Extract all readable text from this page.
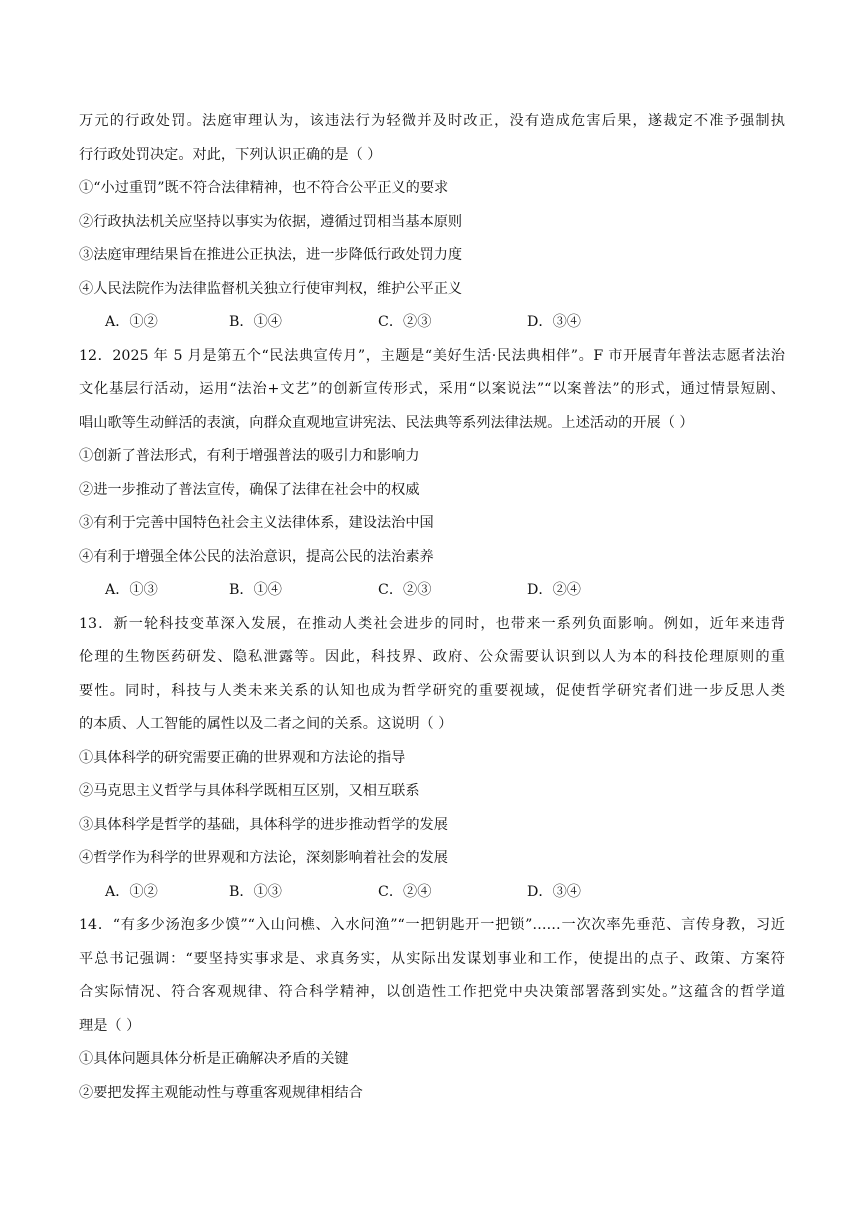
万元的行政处罚。法庭审理认为，该违法行为轻微并及时改正，没有造成危害后果，遂裁定不准予强制执
行行政处罚决定。对此，下列认识正确的是（ ）
①“小过重罚”既不符合法律精神，也不符合公平正义的要求
②行政执法机关应坚持以事实为依据，遵循过罚相当基本原则
③法庭审理结果旨在推进公正执法，进一步降低行政处罚力度
④人民法院作为法律监督机关独立行使审判权，维护公平正义
A．①②	B．①④	C．②③	D．③④
12．2025 年 5 月是第五个“民法典宣传月”，主题是“美好生活·民法典相伴”。F 市开展青年普法志愿者法治
文化基层行活动，运用“法治+文艺”的创新宣传形式，采用“以案说法”“以案普法”的形式，通过情景短剧、
唱山歌等生动鲜活的表演，向群众直观地宣讲宪法、民法典等系列法律法规。上述活动的开展（ ）
①创新了普法形式，有利于增强普法的吸引力和影响力
②进一步推动了普法宣传，确保了法律在社会中的权威
③有利于完善中国特色社会主义法律体系，建设法治中国
④有利于增强全体公民的法治意识，提高公民的法治素养
A．①③	B．①④	C．②③	D．②④
13．新一轮科技变革深入发展，在推动人类社会进步的同时，也带来一系列负面影响。例如，近年来违背
伦理的生物医药研发、隐私泄露等。因此，科技界、政府、公众需要认识到以人为本的科技伦理原则的重
要性。同时，科技与人类未来关系的认知也成为哲学研究的重要视域，促使哲学研究者们进一步反思人类
的本质、人工智能的属性以及二者之间的关系。这说明（ ）
①具体科学的研究需要正确的世界观和方法论的指导
②马克思主义哲学与具体科学既相互区别，又相互联系
③具体科学是哲学的基础，具体科学的进步推动哲学的发展
④哲学作为科学的世界观和方法论，深刻影响着社会的发展
A．①②	B．①③	C．②④	D．③④
14．“有多少汤泡多少馍”“入山问樵、入水问渔”“一把钥匙开一把锁”……一次次率先垂范、言传身教，习近
平总书记强调：“要坚持实事求是、求真务实，从实际出发谋划事业和工作，使提出的点子、政策、方案符
合实际情况、符合客观规律、符合科学精神，以创造性工作把党中央决策部署落到实处。”这蕴含的哲学道
理是（ ）
①具体问题具体分析是正确解决矛盾的关键
②要把发挥主观能动性与尊重客观规律相结合
